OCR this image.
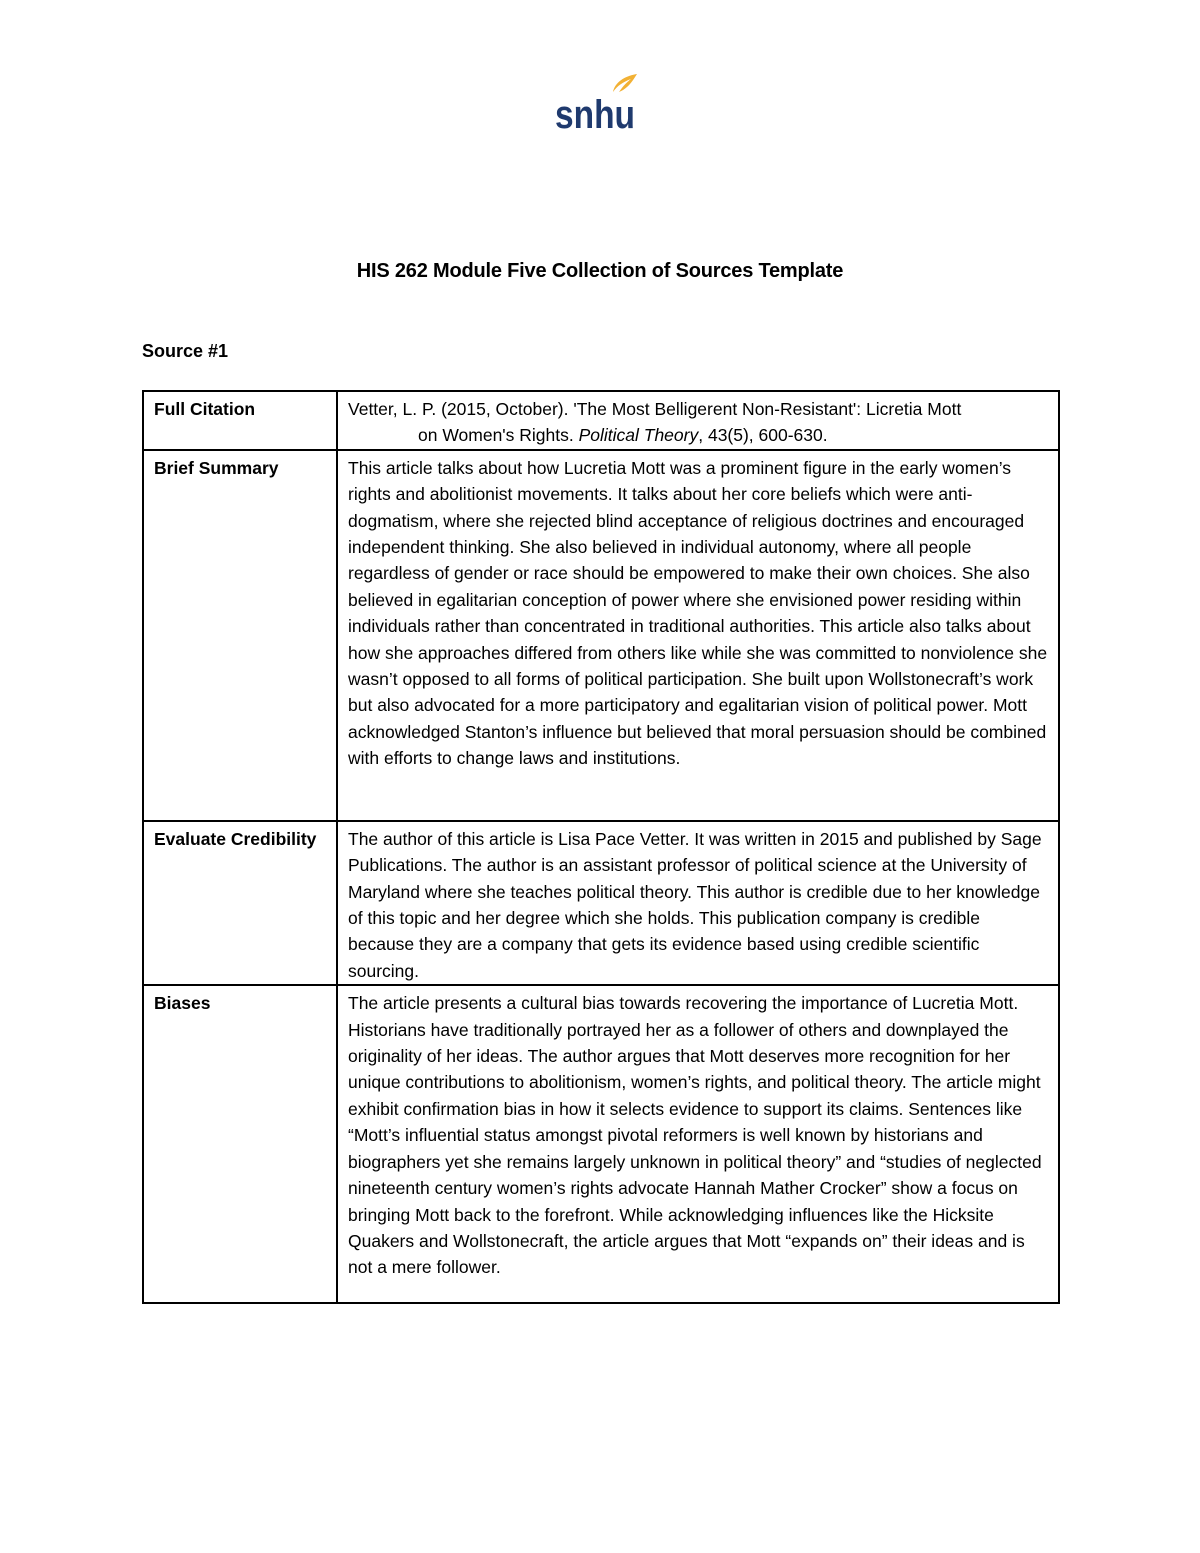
snhu
HIS 262 Module Five Collection of Sources Template
Source #1
Full Citation	Vetter, L. P. (2015, October). 'The Most Belligerent Non-Resistant': Licretia Mott
on Women's Rights. Political Theory, 43(5), 600-630.

Brief Summary	This article talks about how Lucretia Mott was a prominent figure in the early women’s rights and abolitionist movements. It talks about her core beliefs which were anti-dogmatism, where she rejected blind acceptance of religious doctrines and encouraged independent thinking. She also believed in individual autonomy, where all people regardless of gender or race should be empowered to make their own choices. She also believed in egalitarian conception of power where she envisioned power residing within individuals rather than concentrated in traditional authorities. This article also talks about how she approaches differed from others like while she was committed to nonviolence she wasn’t opposed to all forms of political participation. She built upon Wollstonecraft’s work but also advocated for a more participatory and egalitarian vision of political power. Mott acknowledged Stanton’s influence but believed that moral persuasion should be combined with efforts to change laws and institutions.
Evaluate Credibility	The author of this article is Lisa Pace Vetter. It was written in 2015 and published by Sage Publications. The author is an assistant professor of political science at the University of Maryland where she teaches political theory. This author is credible due to her knowledge of this topic and her degree which she holds. This publication company is credible because they are a company that gets its evidence based using credible scientific sourcing.
Biases	The article presents a cultural bias towards recovering the importance of Lucretia Mott. Historians have traditionally portrayed her as a follower of others and downplayed the originality of her ideas. The author argues that Mott deserves more recognition for her unique contributions to abolitionism, women’s rights, and political theory. The article might exhibit confirmation bias in how it selects evidence to support its claims. Sentences like “Mott’s influential status amongst pivotal reformers is well known by historians and biographers yet she remains largely unknown in political theory” and “studies of neglected nineteenth century women’s rights advocate Hannah Mather Crocker” show a focus on bringing Mott back to the forefront. While acknowledging influences like the Hicksite Quakers and Wollstonecraft, the article argues that Mott “expands on” their ideas and is not a mere follower.
